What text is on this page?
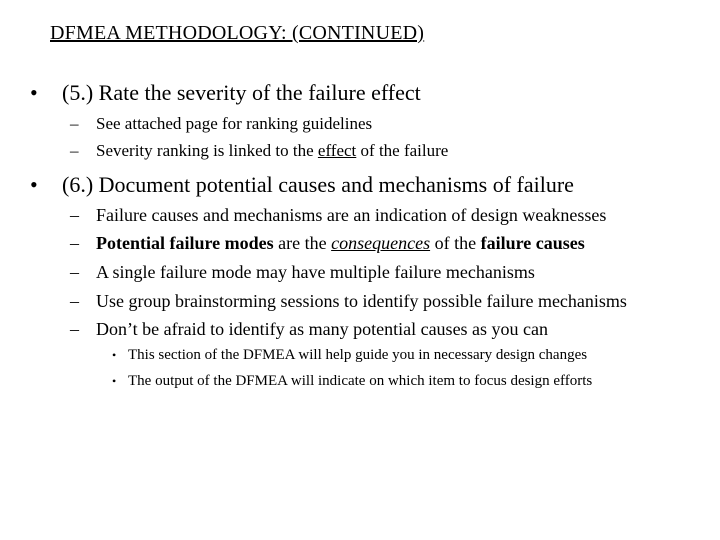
DFMEA METHODOLOGY: (CONTINUED)
• (5.) Rate the severity of the failure effect
– See attached page for ranking guidelines
– Severity ranking is linked to the effect of the failure
• (6.) Document potential causes and mechanisms of failure
– Failure causes and mechanisms are an indication of design weaknesses
– Potential failure modes are the consequences of the failure causes
– A single failure mode may have multiple failure mechanisms
– Use group brainstorming sessions to identify possible failure mechanisms
– Don’t be afraid to identify as many potential causes as you can
• This section of the DFMEA will help guide you in necessary design changes
• The output of the DFMEA will indicate on which item to focus design efforts
